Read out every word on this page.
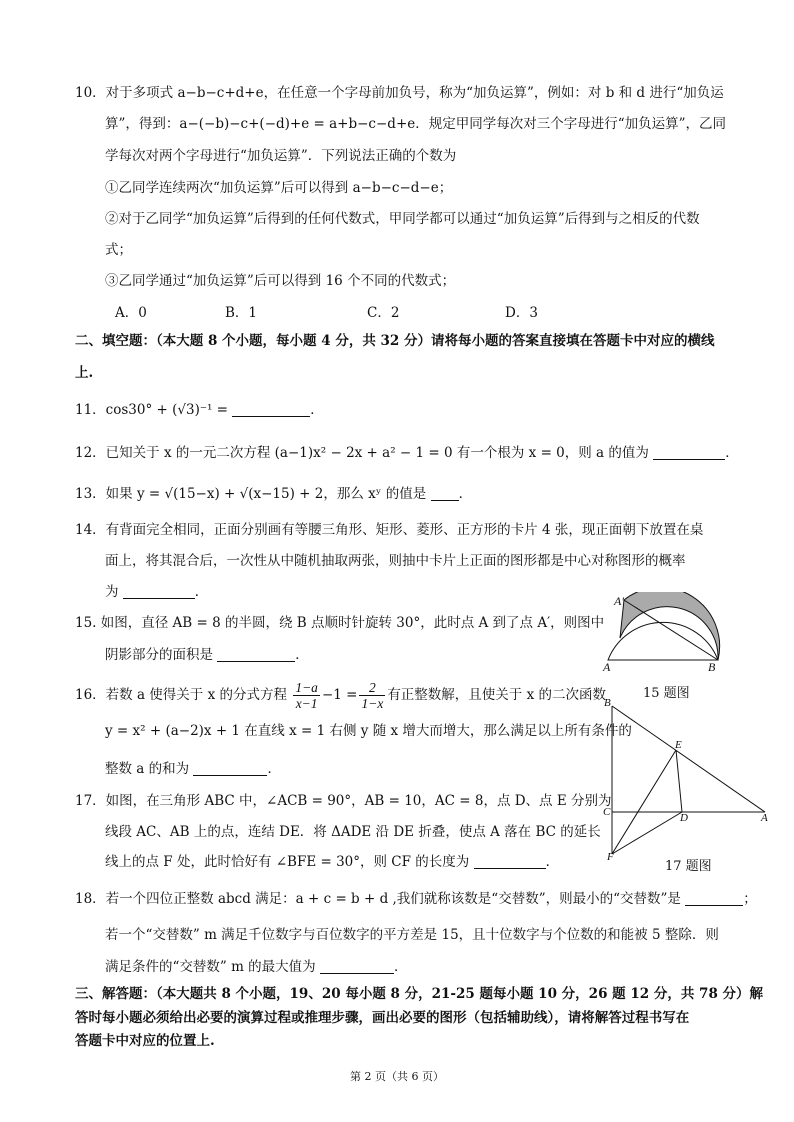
10．对于多项式 a−b−c+d+e，在任意一个字母前加负号，称为“加负运算”，例如：对 b 和 d 进行“加负运
算”，得到：a−(−b)−c+(−d)+e = a+b−c−d+e．规定甲同学每次对三个字母进行“加负运算”，乙同
学每次对两个字母进行“加负运算”．下列说法正确的个数为
①乙同学连续两次“加负运算”后可以得到 a−b−c−d−e；
②对于乙同学“加负运算”后得到的任何代数式，甲同学都可以通过“加负运算”后得到与之相反的代数
式；
③乙同学通过“加负运算”后可以得到 16 个不同的代数式；
A．0	B．1	C．2	D．3
二、填空题：（本大题 8 个小题，每小题 4 分，共 32 分）请将每小题的答案直接填在答题卡中对应的横线
上.
11．cos30° + (√3)⁻¹ =	．
12．已知关于 x 的一元二次方程 (a−1)x² − 2x + a² − 1 = 0 有一个根为 x = 0，则 a 的值为	．
13．如果 y = √(15−x) + √(x−15) + 2，那么 xʸ 的值是 ．
14．有背面完全相同，正面分别画有等腰三角形、矩形、菱形、正方形的卡片 4 张，现正面朝下放置在桌
面上，将其混合后，一次性从中随机抽取两张，则抽中卡片上正面的图形都是中心对称图形的概率
为	．
15. 如图，直径 AB = 8 的半圆，绕 B 点顺时针旋转 30°，此时点 A 到了点 A′，则图中
阴影部分的面积是	．
16．若数 a 使得关于 x 的分式方程 $\frac{1-a}{x-1} -1 = \frac{2}{1-x}$ 有正整数解，且使关于 x 的二次函数
y = x² + (a−2)x + 1 在直线 x = 1 右侧 y 随 x 增大而增大，那么满足以上所有条件的
整数 a 的和为	．
17．如图，在三角形 ABC 中，∠ACB = 90°，AB = 10，AC = 8，点 D、点 E 分别为
线段 AC、AB 上的点，连结 DE．将 ΔADE 沿 DE 折叠，使点 A 落在 BC 的延长
线上的点 F 处，此时恰好有 ∠BFE = 30°，则 CF 的长度为	．
18．若一个四位正整数 abcd 满足：a + c = b + d ,我们就称该数是“交替数”，则最小的“交替数”是	；
若一个“交替数” m 满足千位数字与百位数字的平方差是 15，且十位数字与个位数的和能被 5 整除．则
满足条件的“交替数” m 的最大值为	．
三、解答题：（本大题共 8 个小题，19、20 每小题 8 分，21-25 题每小题 10 分，26 题 12 分，共 78 分）解
答时每小题必须给出必要的演算过程或推理步骤，画出必要的图形（包括辅助线），请将解答过程书写在
答题卡中对应的位置上.
A′
A	B
15 题图
B
E
C	D	A
F
17 题图
第 2 页（共 6 页）
